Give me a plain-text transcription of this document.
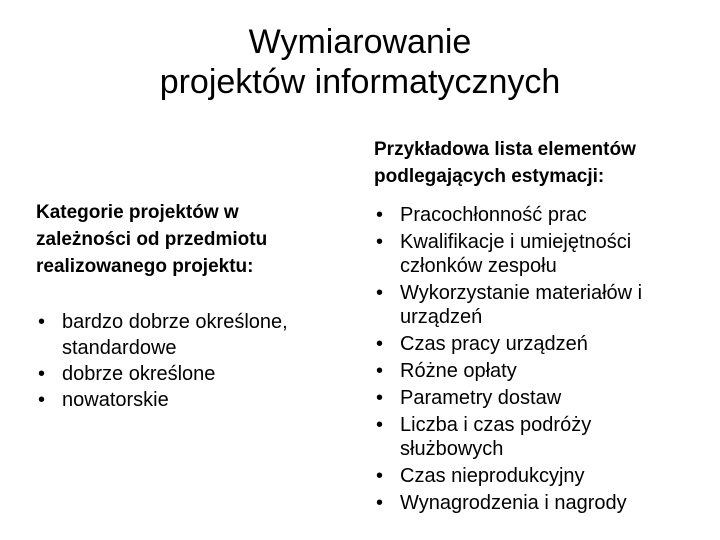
Wymiarowanie
projektów informatycznych
Kategorie projektów w
zależności od przedmiotu
realizowanego projektu:
• bardzo dobrze określone,
standardowe
• dobrze określone
• nowatorskie
Przykładowa lista elementów
podlegających estymacji:
• Pracochłonność prac
• Kwalifikacje i umiejętności
członków zespołu
• Wykorzystanie materiałów i
urządzeń
• Czas pracy urządzeń
• Różne opłaty
• Parametry dostaw
• Liczba i czas podróży
służbowych
• Czas nieprodukcyjny
• Wynagrodzenia i nagrody
